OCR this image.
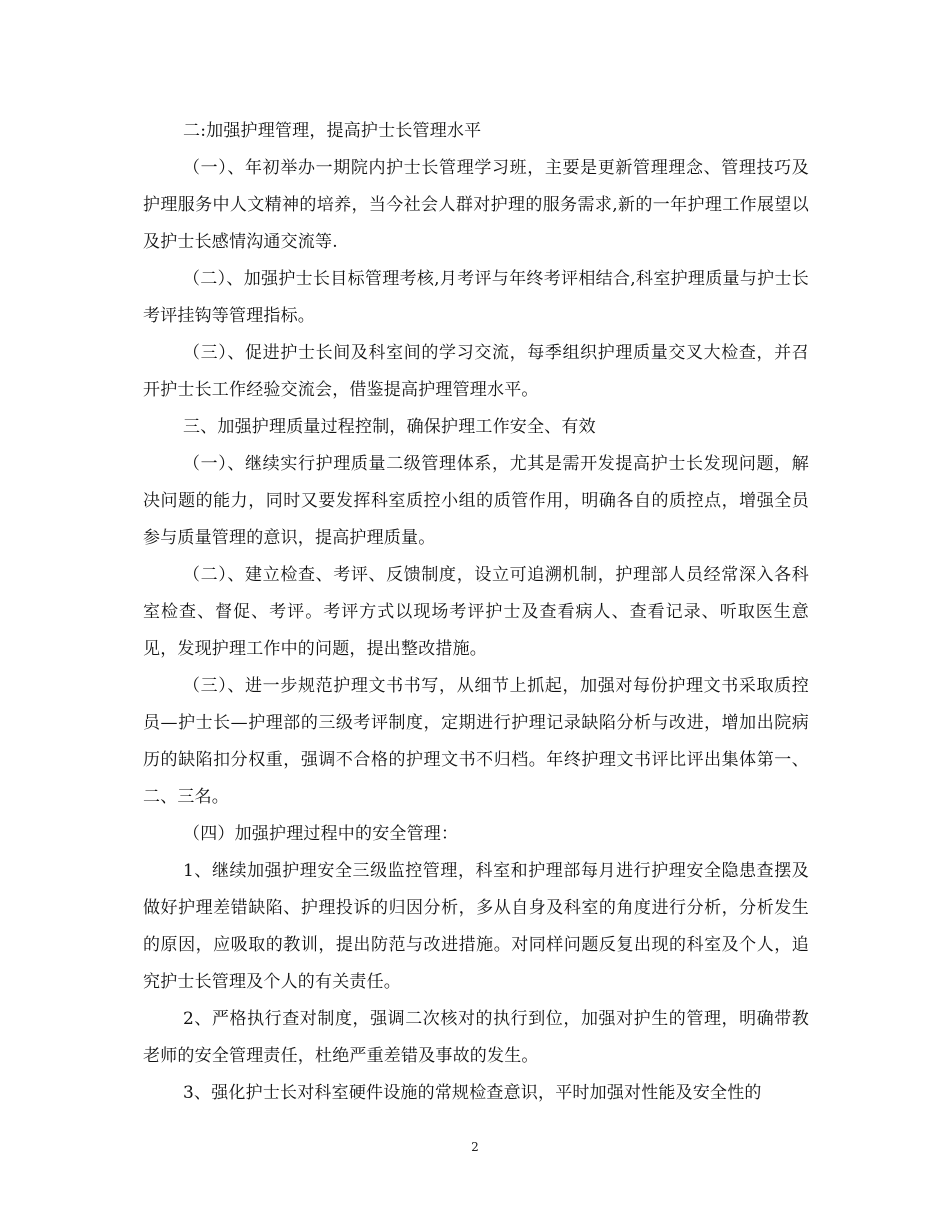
二:加强护理管理，提高护士长管理水平

（一）、年初举办一期院内护士长管理学习班，主要是更新管理理念、管理技巧及护理服务中人文精神的培养，当今社会人群对护理的服务需求,新的一年护理工作展望以及护士长感情沟通交流等.

（二）、加强护士长目标管理考核,月考评与年终考评相结合,科室护理质量与护士长考评挂钩等管理指标。

（三）、促进护士长间及科室间的学习交流，每季组织护理质量交叉大检查，并召开护士长工作经验交流会，借鉴提高护理管理水平。

三、加强护理质量过程控制，确保护理工作安全、有效

（一）、继续实行护理质量二级管理体系，尤其是需开发提高护士长发现问题，解决问题的能力，同时又要发挥科室质控小组的质管作用，明确各自的质控点，增强全员参与质量管理的意识，提高护理质量。

（二）、建立检查、考评、反馈制度，设立可追溯机制，护理部人员经常深入各科室检查、督促、考评。考评方式以现场考评护士及查看病人、查看记录、听取医生意见，发现护理工作中的问题，提出整改措施。

（三）、进一步规范护理文书书写，从细节上抓起，加强对每份护理文书采取质控员—护士长—护理部的三级考评制度，定期进行护理记录缺陷分析与改进，增加出院病历的缺陷扣分权重，强调不合格的护理文书不归档。年终护理文书评比评出集体第一、二、三名。

（四）加强护理过程中的安全管理：

1、继续加强护理安全三级监控管理，科室和护理部每月进行护理安全隐患查摆及做好护理差错缺陷、护理投诉的归因分析，多从自身及科室的角度进行分析，分析发生的原因，应吸取的教训，提出防范与改进措施。对同样问题反复出现的科室及个人，追究护士长管理及个人的有关责任。

2、严格执行查对制度，强调二次核对的执行到位，加强对护生的管理，明确带教老师的安全管理责任，杜绝严重差错及事故的发生。

3、强化护士长对科室硬件设施的常规检查意识，平时加强对性能及安全性的

2
